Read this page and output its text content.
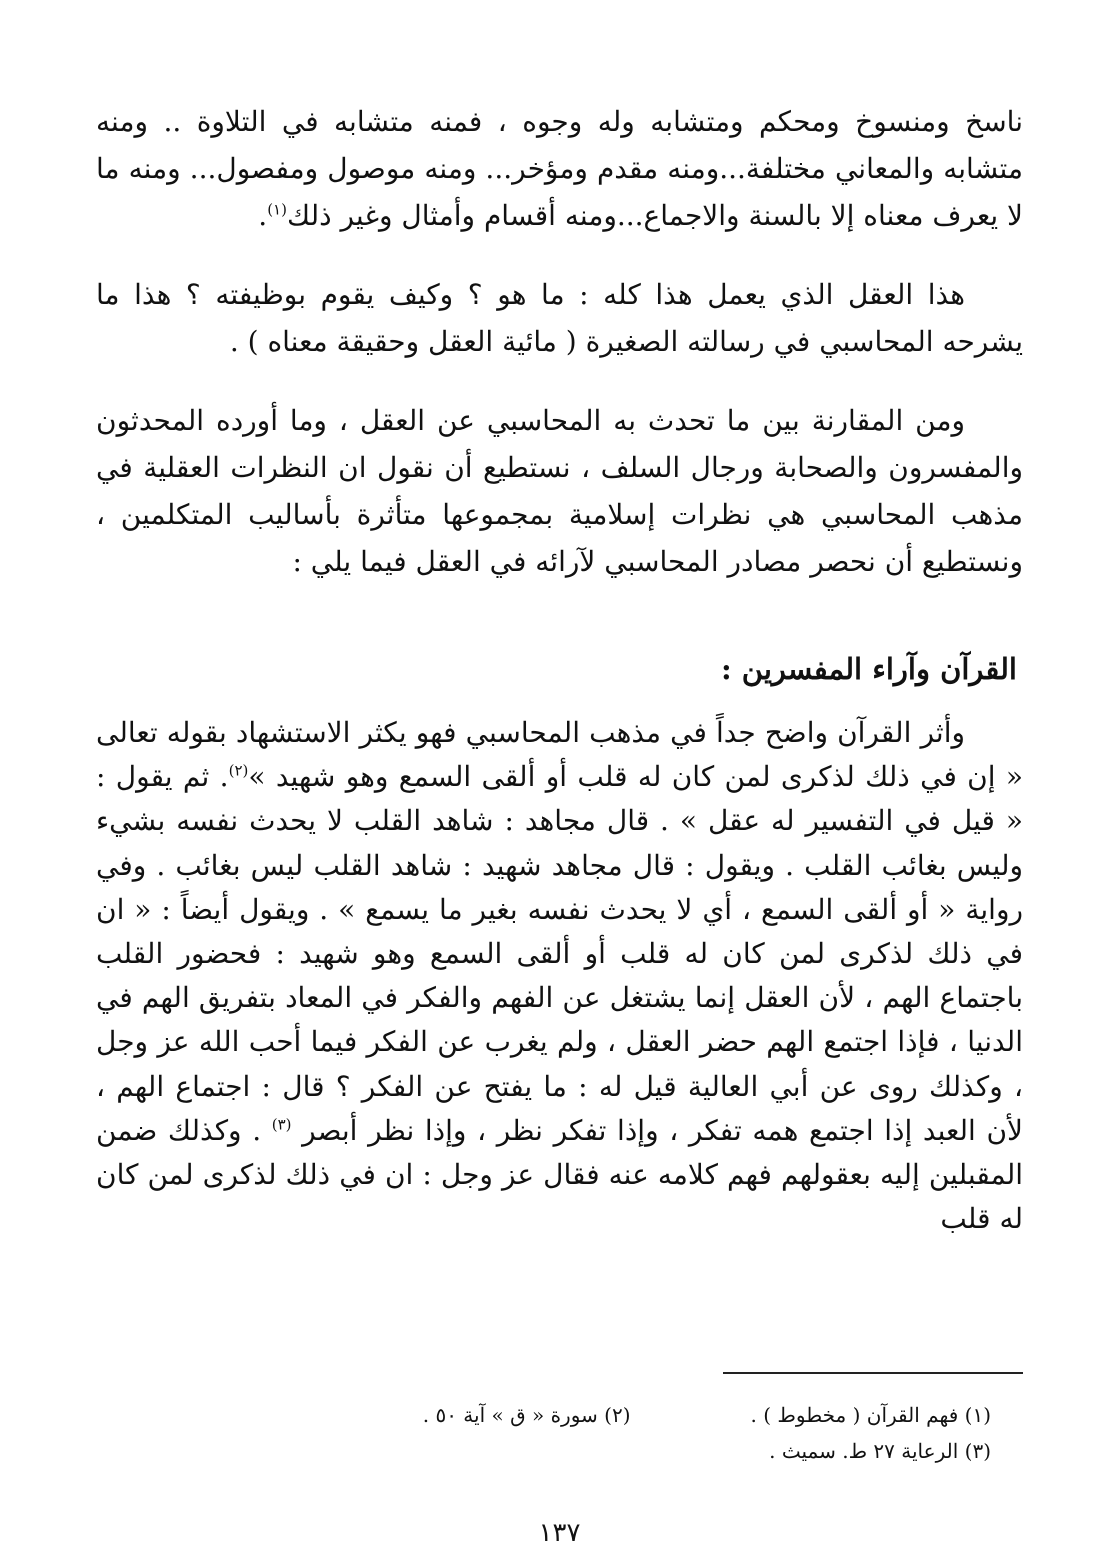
ناسخ ومنسوخ ومحكم ومتشابه وله وجوه ، فمنه متشابه في التلاوة .. ومنه متشابه والمعاني مختلفة...ومنه مقدم ومؤخر... ومنه موصول ومفصول... ومنه ما لا يعرف معناه إلا بالسنة والاجماع...ومنه أقسام وأمثال وغير ذلك$^{(١)}$.

هذا العقل الذي يعمل هذا كله : ما هو ؟ وكيف يقوم بوظيفته ؟ هذا ما يشرحه المحاسبي في رسالته الصغيرة ( مائية العقل وحقيقة معناه ) .

ومن المقارنة بين ما تحدث به المحاسبي عن العقل ، وما أورده المحدثون والمفسرون والصحابة ورجال السلف ، نستطيع أن نقول ان النظرات العقلية في مذهب المحاسبي هي نظرات إسلامية بمجموعها متأثرة بأساليب المتكلمين ، ونستطيع أن نحصر مصادر المحاسبي لآرائه في العقل فيما يلي :

القرآن وآراء المفسرين :

وأثر القرآن واضح جداً في مذهب المحاسبي فهو يكثر الاستشهاد بقوله تعالى « إن في ذلك لذكرى لمن كان له قلب أو ألقى السمع وهو شهيد »$^{(٢)}$. ثم يقول : « قيل في التفسير له عقل » . قال مجاهد : شاهد القلب لا يحدث نفسه بشيء وليس بغائب القلب . ويقول : قال مجاهد شهيد : شاهد القلب ليس بغائب . وفي رواية « أو ألقى السمع ، أي لا يحدث نفسه بغير ما يسمع » . ويقول أيضاً : « ان في ذلك لذكرى لمن كان له قلب أو ألقى السمع وهو شهيد : فحضور القلب باجتماع الهم ، لأن العقل إنما يشتغل عن الفهم والفكر في المعاد بتفريق الهم في الدنيا ، فإذا اجتمع الهم حضر العقل ، ولم يغرب عن الفكر فيما أحب الله عز وجل ، وكذلك روى عن أبي العالية قيل له : ما يفتح عن الفكر ؟ قال : اجتماع الهم ، لأن العبد إذا اجتمع همه تفكر ، وإذا تفكر نظر ، وإذا نظر أبصر $^{(٣)}$ . وكذلك ضمن المقبلين إليه بعقولهم فهم كلامه عنه فقال عز وجل : ان في ذلك لذكرى لمن كان له قلب

(١) فهم القرآن ( مخطوط ) .
(٢) سورة « ق » آية ٥٠ .
(٣) الرعاية ٢٧ ط. سميث .
١٣٧
